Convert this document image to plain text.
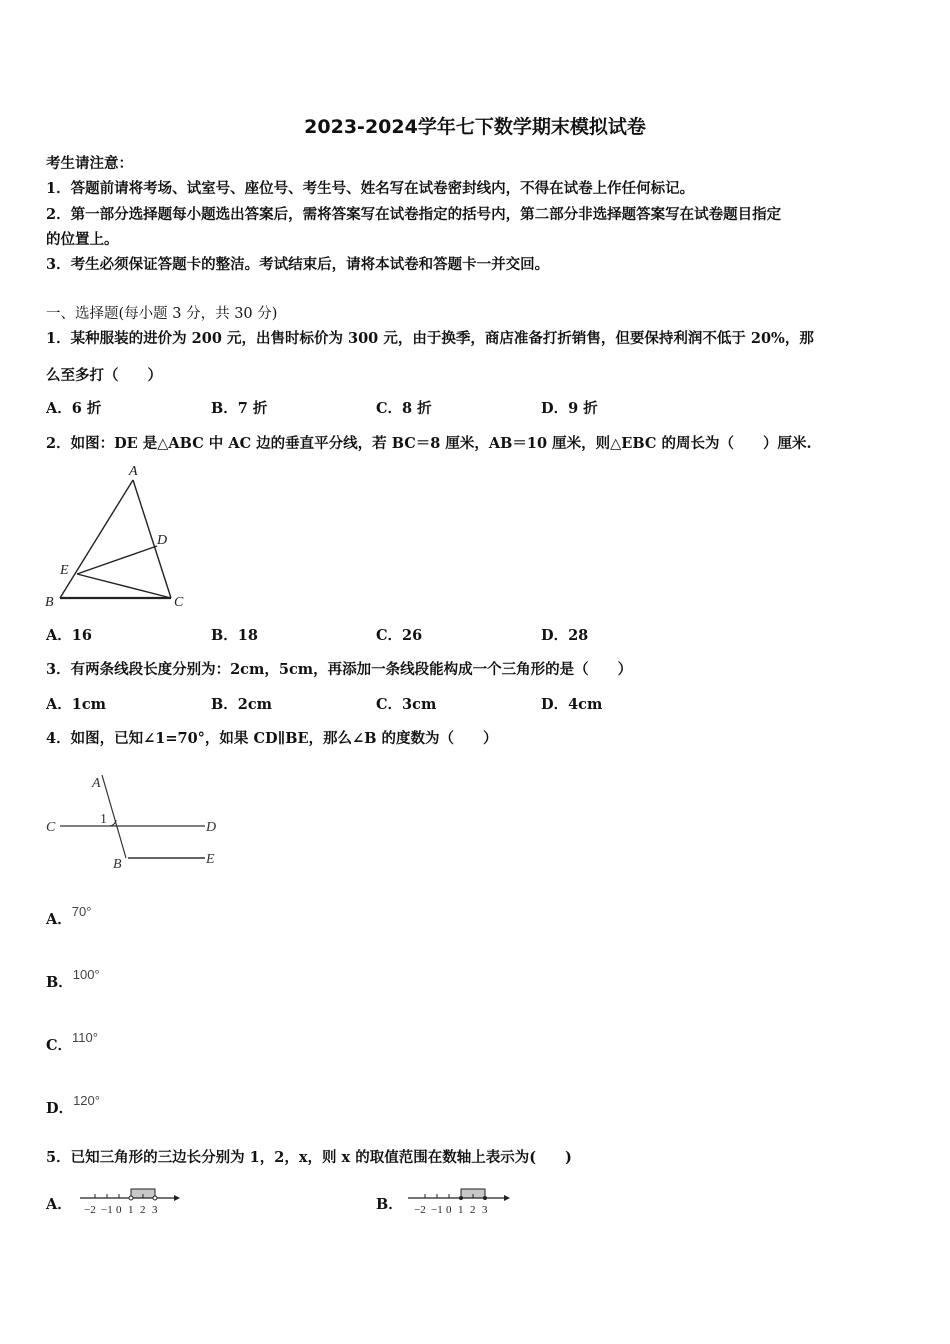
2023-2024学年七下数学期末模拟试卷
考生请注意：
1．答题前请将考场、试室号、座位号、考生号、姓名写在试卷密封线内，不得在试卷上作任何标记。
2．第一部分选择题每小题选出答案后，需将答案写在试卷指定的括号内，第二部分非选择题答案写在试卷题目指定
的位置上。
3．考生必须保证答题卡的整洁。考试结束后，请将本试卷和答题卡一并交回。
一、选择题(每小题 3 分，共 30 分)
1．某种服装的进价为 200 元，出售时标价为 300 元，由于换季，商店准备打折销售，但要保持利润不低于 20%，那
么至多打（　　）
A．6 折	B．7 折	C．8 折	D．9 折
2．如图：DE 是△ABC 中 AC 边的垂直平分线，若 BC＝8 厘米，AB＝10 厘米，则△EBC 的周长为（　　）厘米.
A
D
E
B	C
A．16	B．18	C．26	D．28
3．有两条线段长度分别为：2cm，5cm，再添加一条线段能构成一个三角形的是（　　）
A．1cm	B．2cm	C．3cm	D．4cm
4．如图，已知∠1=70°，如果 CD∥BE，那么∠B 的度数为（　　）
A
C
1
D
B	E
A．70°
B．100°
C．110°
D．120°
5．已知三角形的三边长分别为 1，2，x，则 x 的取值范围在数轴上表示为(　　)
A． −2 −1 0 1 2 3	B． −2 −1 0 1 2 3
